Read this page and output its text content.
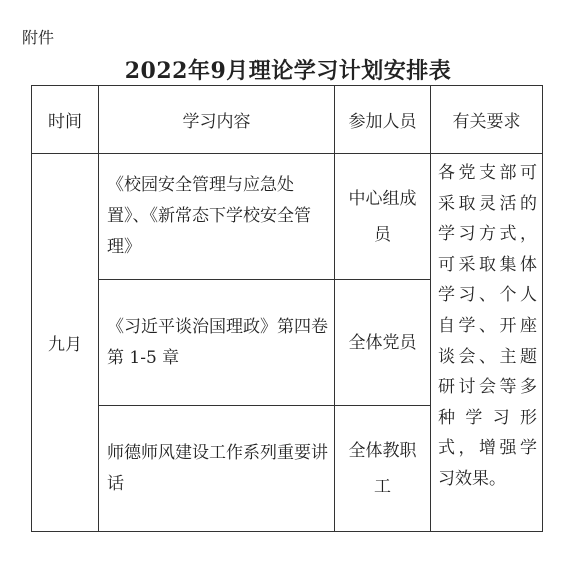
附件
2022年9月理论学习计划安排表
时间	学习内容	参加人员	有关要求
九月	《校园安全管理与应急处置》、《新常态下学校安全管理》	中心组成员	各党支部可采取灵活的学习方式，可采取集体学习、个人自学、开座谈会、主题研讨会等多种学习形式，增强学习效果。
	《习近平谈治国理政》第四卷第 1-5 章	全体党员	
	师德师风建设工作系列重要讲话	全体教职工	
